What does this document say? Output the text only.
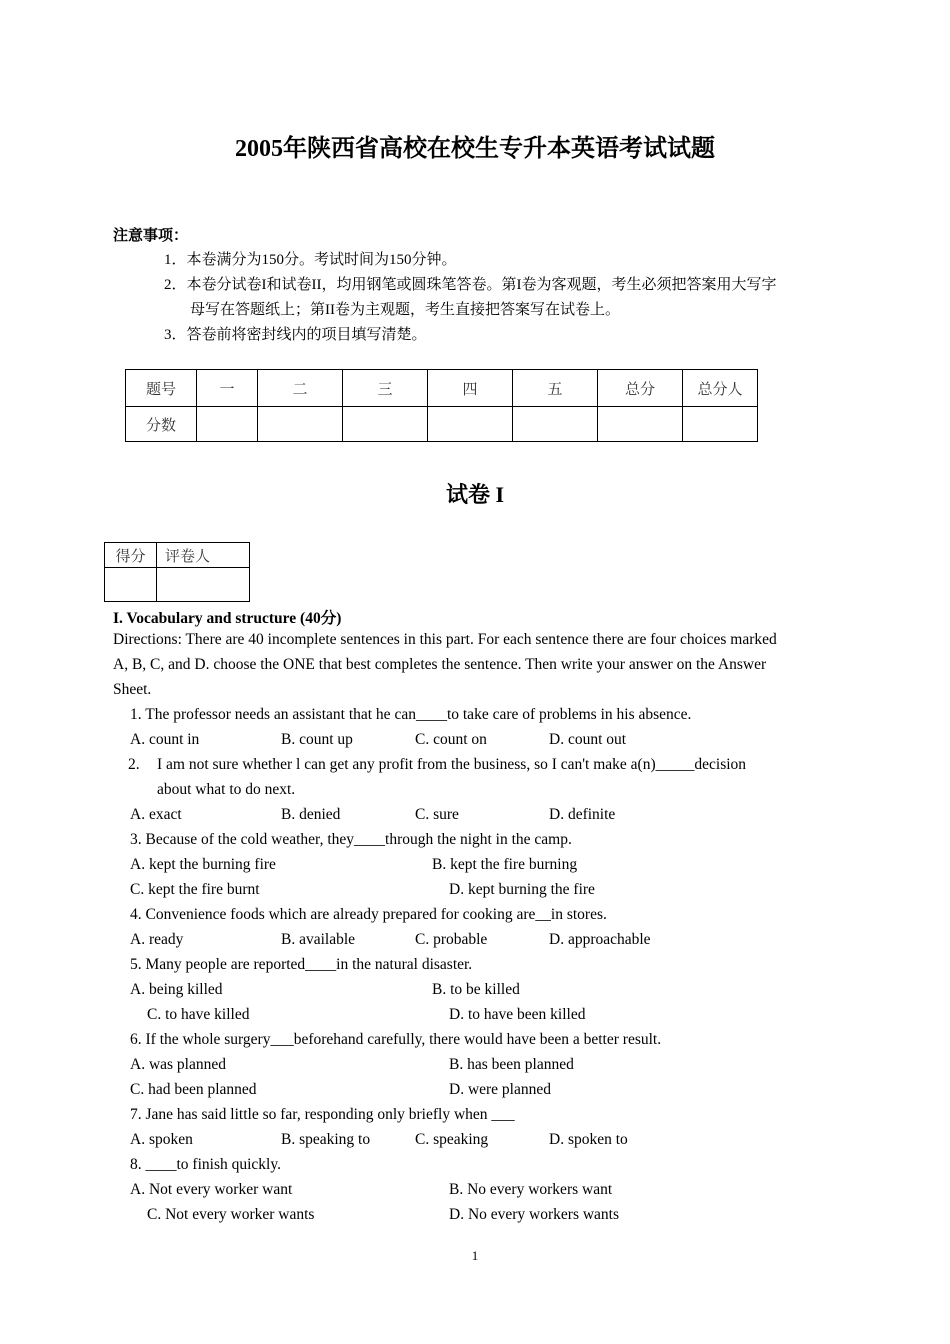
2005年陕西省高校在校生专升本英语考试试题
注意事项：
1．本卷满分为150分。考试时间为150分钟。
2．本卷分试卷I和试卷II，均用钢笔或圆珠笔答卷。第I卷为客观题，考生必须把答案用大写字
母写在答题纸上；第II卷为主观题，考生直接把答案写在试卷上。
3．答卷前将密封线内的项目填写清楚。
题号	一	二	三	四	五	总分	总分人
分数							
试卷 I
得分	评卷人

I. Vocabulary and structure (40分)
Directions: There are 40 incomplete sentences in this part. For each sentence there are four choices marked
A, B, C, and D. choose the ONE that best completes the sentence. Then write your answer on the Answer
Sheet.
1. The professor needs an assistant that he can____to take care of problems in his absence.
A. count in	B. count up	C. count on	D. count out
2. I am not sure whether l can get any profit from the business, so I can't make a(n)_____decision
about what to do next.
A. exact	B. denied	C. sure	D. definite
3. Because of the cold weather, they____through the night in the camp.
A. kept the burning fire	B. kept the fire burning
C. kept the fire burnt	D. kept burning the fire
4. Convenience foods which are already prepared for cooking are__in stores.
A. ready	B. available	C. probable	D. approachable
5. Many people are reported____in the natural disaster.
A. being killed	B. to be killed
C. to have killed	D. to have been killed
6. If the whole surgery___beforehand carefully, there would have been a better result.
A. was planned	B. has been planned
C. had been planned	D. were planned
7. Jane has said little so far, responding only briefly when ___
A. spoken	B. speaking to	C. speaking	D. spoken to
8. ____to finish quickly.
A. Not every worker want	B. No every workers want
C. Not every worker wants	D. No every workers wants
1
